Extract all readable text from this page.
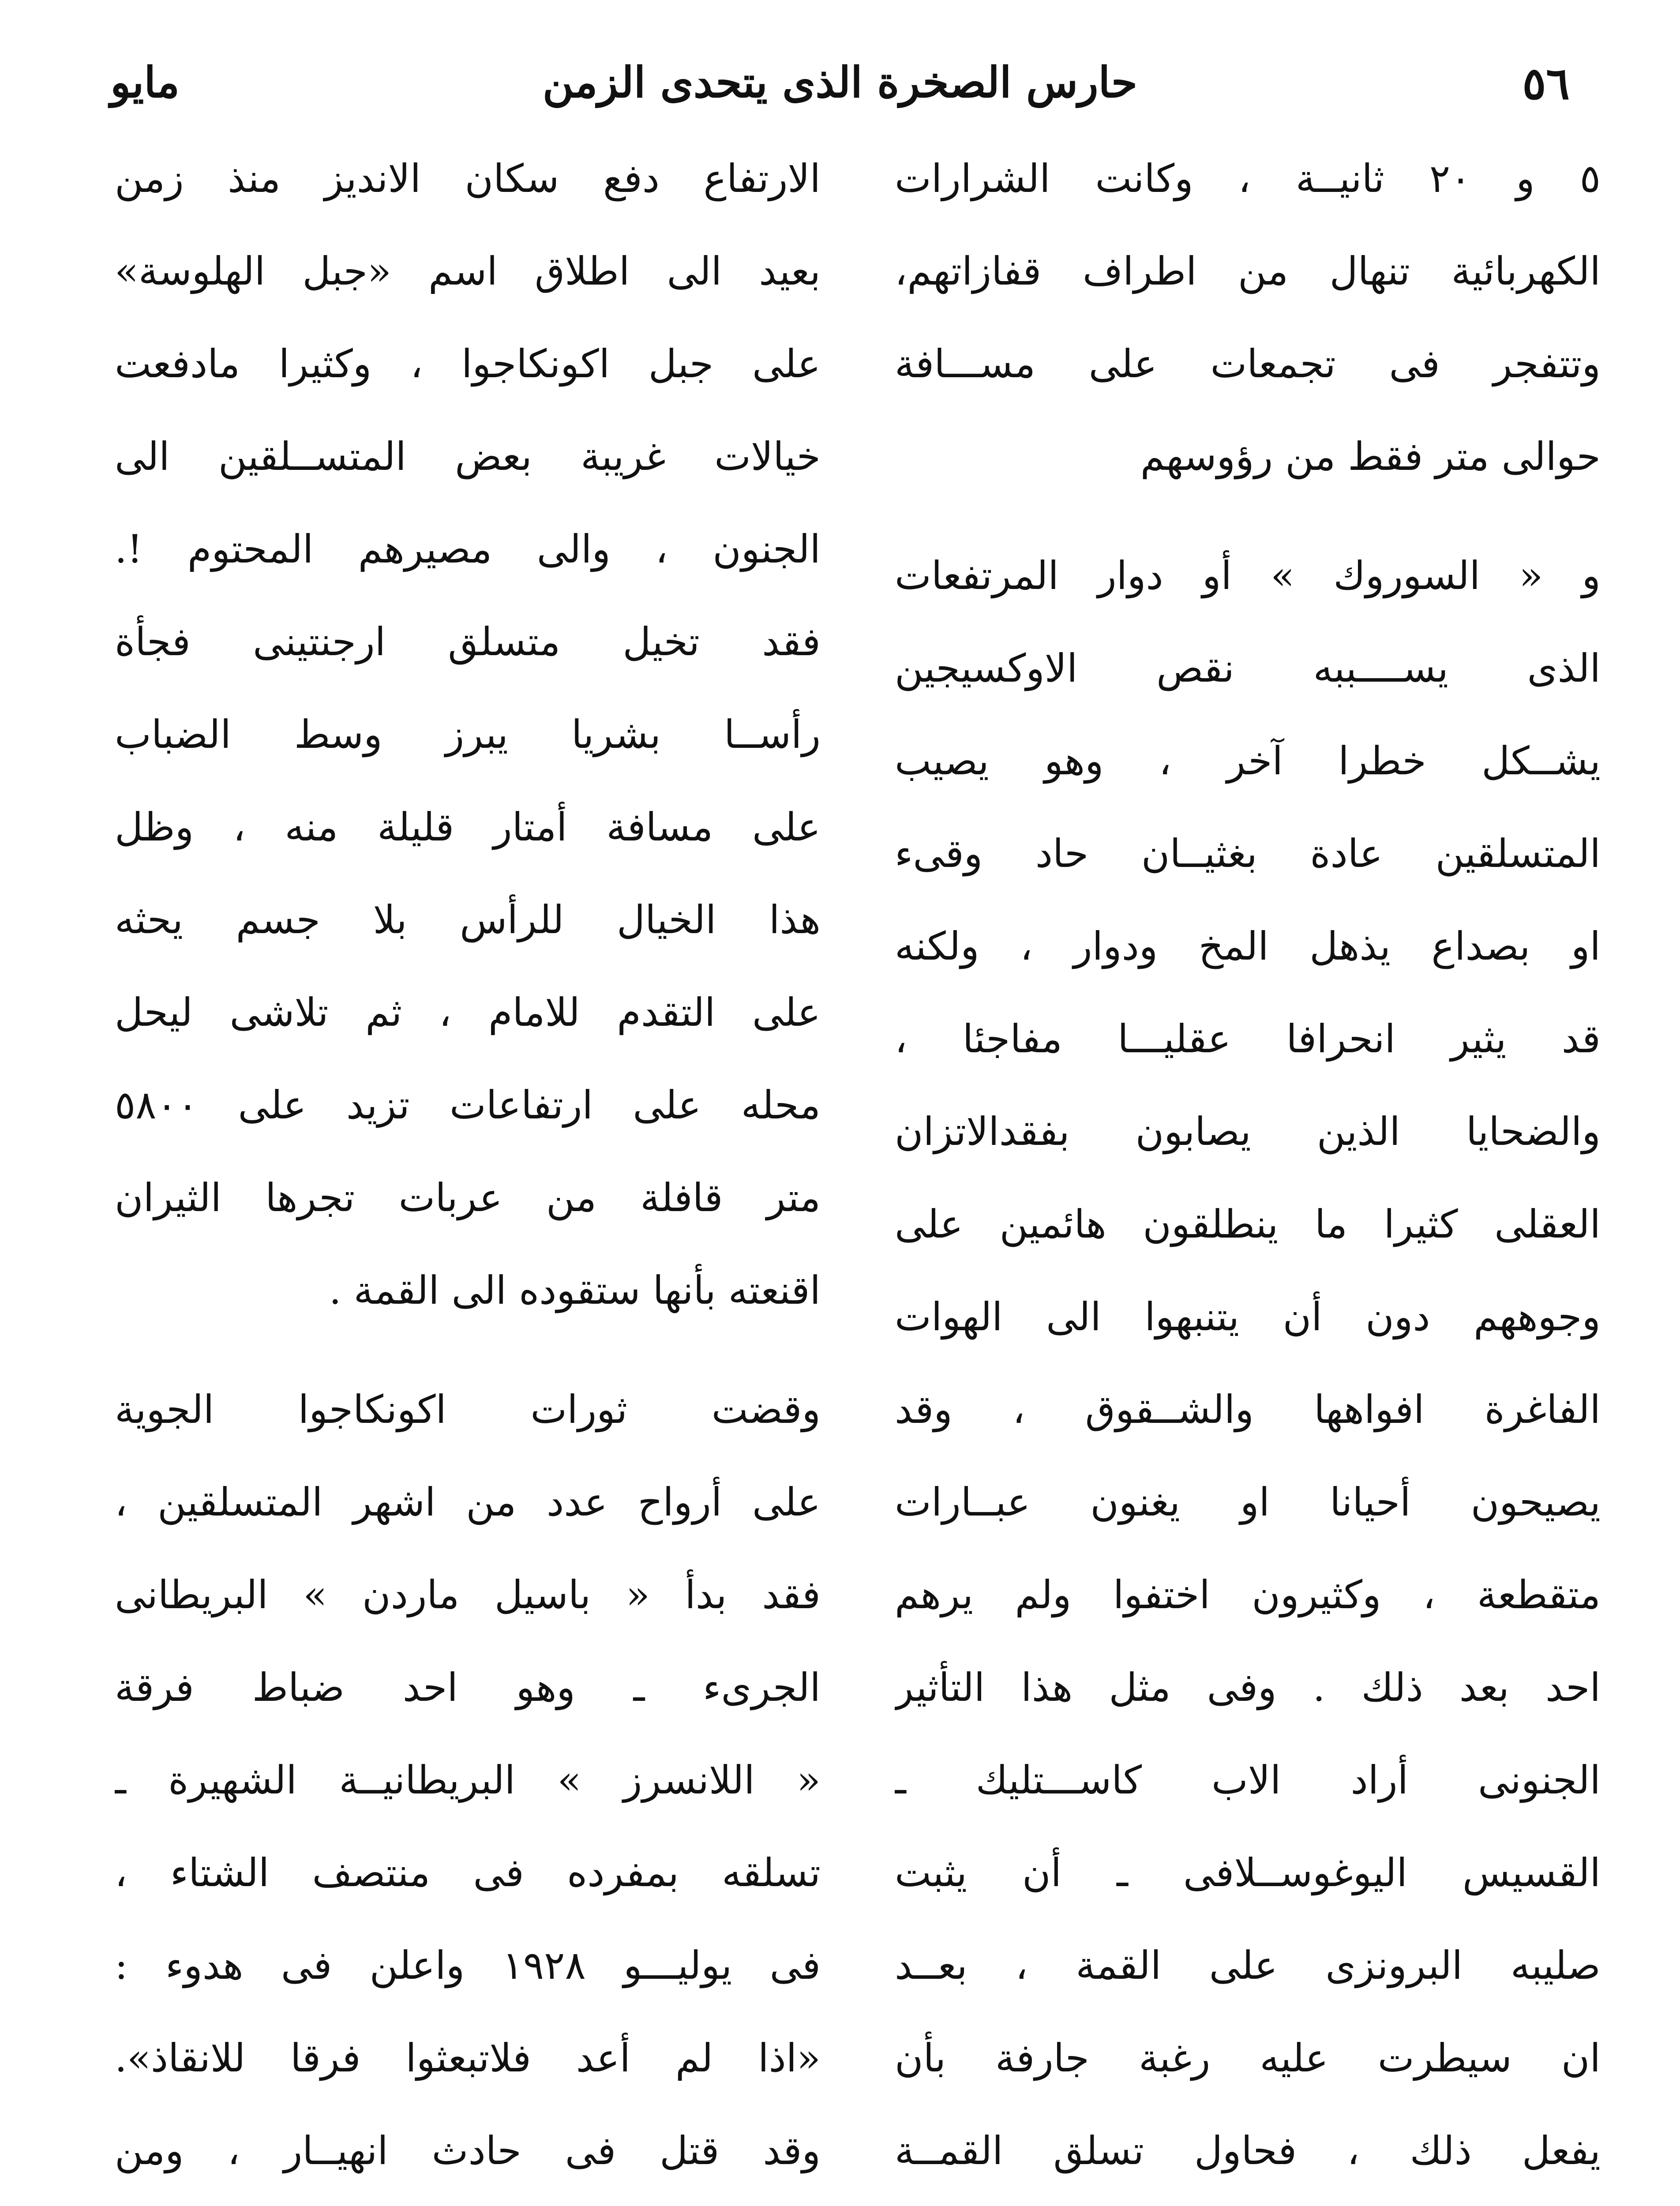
٥٦
حارس الصخرة الذى يتحدى الزمن
مايو
٥ و ٢٠ ثانيــة ، وكانت الشرارات
الكهربائية تنهال من اطراف قفازاتهم،
وتتفجر فى تجمعات على مســـافة
حوالى متر فقط من رؤوسهم
و « السوروك » أو دوار المرتفعات
الذى يســــببه نقص الاوكسيجين
يشــكل خطرا آخر ، وهو يصيب
المتسلقين عادة بغثيــان حاد وقىء
او بصداع يذهل المخ ودوار ، ولكنه
قد يثير انحرافا عقليـــا مفاجئا ،
والضحايا الذين يصابون بفقدالاتزان
العقلى كثيرا ما ينطلقون هائمين على
وجوههم دون أن يتنبهوا الى الهوات
الفاغرة افواهها والشــقوق ، وقد
يصيحون أحيانا او يغنون عبــارات
متقطعة ، وكثيرون اختفوا ولم يرهم
احد بعد ذلك . وفى مثل هذا التأثير
الجنونى أراد الاب كاســـتليك ـ
القسيس اليوغوســلافى ـ أن يثبت
صليبه البرونزى على القمة ، بعــد
ان سيطرت عليه رغبة جارفة بأن
يفعل ذلك ، فحاول تسلق القمــة
الارتفاع دفع سكان الانديز منذ زمن
بعيد الى اطلاق اسم «جبل الهلوسة»
على جبل اكونكاجوا ، وكثيرا مادفعت
خيالات غريبة بعض المتســلقين الى
الجنون ، والى مصيرهم المحتوم !.
فقد تخيل متسلق ارجنتينى فجأة
رأســا بشريا يبرز وسط الضباب
على مسافة أمتار قليلة منه ، وظل
هذا الخيال للرأس بلا جسم يحثه
على التقدم للامام ، ثم تلاشى ليحل
محله على ارتفاعات تزيد على ٥٨٠٠
متر قافلة من عربات تجرها الثيران
اقنعته بأنها ستقوده الى القمة .
وقضت ثورات اكونكاجوا الجوية
على أرواح عدد من اشهر المتسلقين ،
فقد بدأ « باسيل ماردن » البريطانى
الجرىء ـ وهو احد ضباط فرقة
« اللانسرز » البريطانيــة الشهيرة ـ
تسلقه بمفرده فى منتصف الشتاء ،
فى يوليـــو ١٩٢٨ واعلن فى هدوء :
«اذا لم أعد فلاتبعثوا فرقا للانقاذ».
وقد قتل فى حادث انهيــار ، ومن
